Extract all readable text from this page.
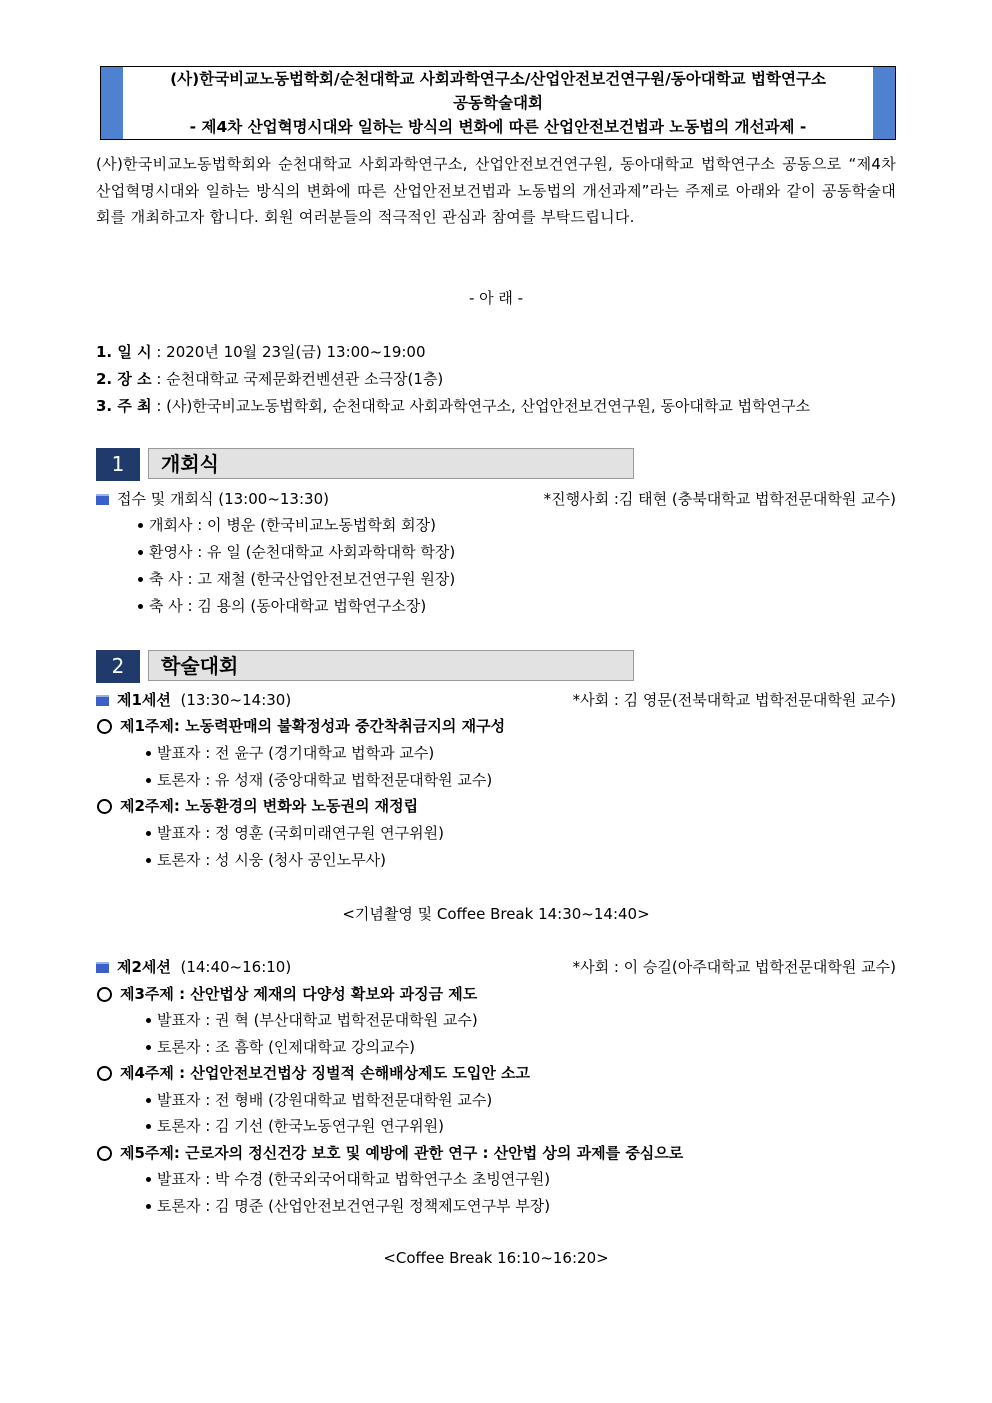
(사)한국비교노동법학회/순천대학교 사회과학연구소/산업안전보건연구원/동아대학교 법학연구소
공동학술대회
- 제4차 산업혁명시대와 일하는 방식의 변화에 따른 산업안전보건법과 노동법의 개선과제 -
(사)한국비교노동법학회와 순천대학교 사회과학연구소, 산업안전보건연구원, 동아대학교 법학연구소 공동으로 “제4차 산업혁명시대와 일하는 방식의 변화에 따른 산업안전보건법과 노동법의 개선과제”라는 주제로 아래와 같이 공동학술대회를 개최하고자 합니다. 회원 여러분들의 적극적인 관심과 참여를 부탁드립니다.
- 아 래 -
1. 일 시 : 2020년 10월 23일(금) 13:00~19:00
2. 장 소 : 순천대학교 국제문화컨벤션관 소극장(1층)
3. 주 최 : (사)한국비교노동법학회, 순천대학교 사회과학연구소, 산업안전보건연구원, 동아대학교 법학연구소
1	개회식
접수 및 개회식 (13:00~13:30)	*진행사회 :김 태현 (충북대학교 법학전문대학원 교수)
개회사 : 이 병운 (한국비교노동법학회 회장)
환영사 : 유 일 (순천대학교 사회과학대학 학장)
축 사 : 고 재철 (한국산업안전보건연구원 원장)
축 사 : 김 용의 (동아대학교 법학연구소장)
2	학술대회
제1세션 (13:30~14:30)	*사회 : 김 영문(전북대학교 법학전문대학원 교수)
제1주제: 노동력판매의 불확정성과 중간착취금지의 재구성
발표자 : 전 윤구 (경기대학교 법학과 교수)
토론자 : 유 성재 (중앙대학교 법학전문대학원 교수)
제2주제: 노동환경의 변화와 노동권의 재정립
발표자 : 정 영훈 (국회미래연구원 연구위원)
토론자 : 성 시웅 (청사 공인노무사)
<기념촬영 및 Coffee Break 14:30~14:40>
제2세션 (14:40~16:10)	*사회 : 이 승길(아주대학교 법학전문대학원 교수)
제3주제 : 산안법상 제재의 다양성 확보와 과징금 제도
발표자 : 권 혁 (부산대학교 법학전문대학원 교수)
토론자 : 조 흠학 (인제대학교 강의교수)
제4주제 : 산업안전보건법상 징벌적 손해배상제도 도입안 소고
발표자 : 전 형배 (강원대학교 법학전문대학원 교수)
토론자 : 김 기선 (한국노동연구원 연구위원)
제5주제: 근로자의 정신건강 보호 및 예방에 관한 연구 : 산안법 상의 과제를 중심으로
발표자 : 박 수경 (한국외국어대학교 법학연구소 초빙연구원)
토론자 : 김 명준 (산업안전보건연구원 정책제도연구부 부장)
<Coffee Break 16:10~16:20>
